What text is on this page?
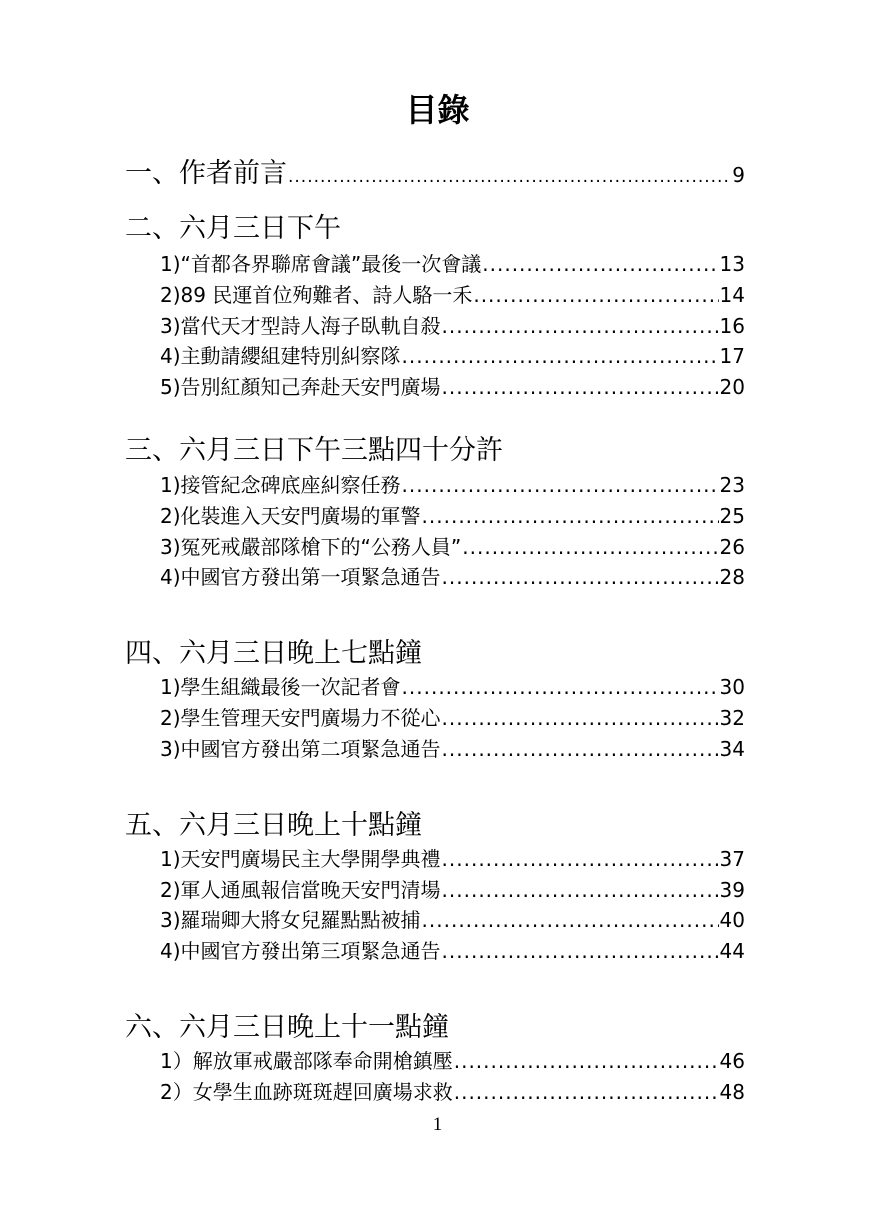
目錄
一、作者前言 .....	9
二、六月三日下午
1) “首都各界聯席會議”最後一次會議 .....	13
2) 89 民運首位殉難者、詩人駱一禾 .....	14
3) 當代天才型詩人海子臥軌自殺 .....	16
4) 主動請纓組建特別糾察隊 .....	17
5) 告別紅顏知己奔赴天安門廣場 .....	20
三、六月三日下午三點四十分許
1) 接管紀念碑底座糾察任務 .....	23
2) 化裝進入天安門廣場的軍警 .....	25
3) 冤死戒嚴部隊槍下的“公務人員” .....	26
4) 中國官方發出第一項緊急通告 .....	28
四、六月三日晚上七點鐘
1) 學生組織最後一次記者會 .....	30
2) 學生管理天安門廣場力不從心 .....	32
3) 中國官方發出第二項緊急通告 .....	34
五、六月三日晚上十點鐘
1) 天安門廣場民主大學開學典禮 .....	37
2) 軍人通風報信當晚天安門清場 .....	39
3) 羅瑞卿大將女兒羅點點被捕 .....	40
4) 中國官方發出第三項緊急通告 .....	44
六、六月三日晚上十一點鐘
1） 解放軍戒嚴部隊奉命開槍鎮壓 .....	46
2） 女學生血跡斑斑趕回廣場求救 .....	48
1
